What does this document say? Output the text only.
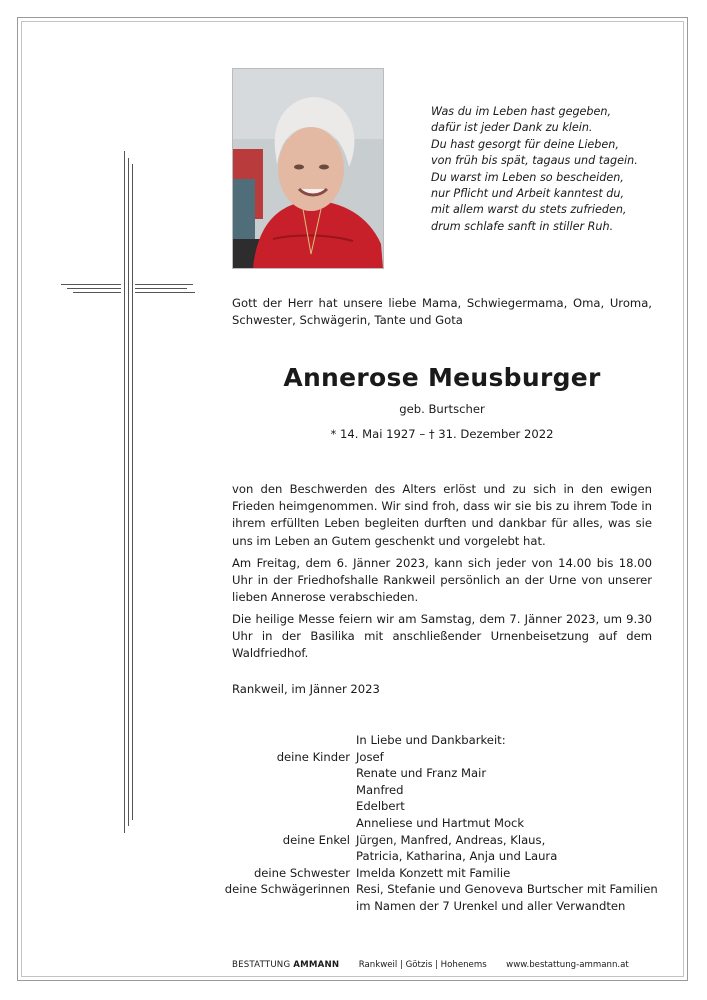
Was du im Leben hast gegeben,
dafür ist jeder Dank zu klein.
Du hast gesorgt für deine Lieben,
von früh bis spät, tagaus und tagein.
Du warst im Leben so bescheiden,
nur Pflicht und Arbeit kanntest du,
mit allem warst du stets zufrieden,
drum schlafe sanft in stiller Ruh.

Gott der Herr hat unsere liebe Mama, Schwiegermama, Oma, Uroma, Schwester, Schwägerin, Tante und Gota

Annerose Meusburger
geb. Burtscher
* 14. Mai 1927 – † 31. Dezember 2022

von den Beschwerden des Alters erlöst und zu sich in den ewigen Frieden heimgenommen. Wir sind froh, dass wir sie bis zu ihrem Tode in ihrem erfüllten Leben begleiten durften und dankbar für alles, was sie uns im Leben an Gutem geschenkt und vorgelebt hat.

Am Freitag, dem 6. Jänner 2023, kann sich jeder von 14.00 bis 18.00 Uhr in der Friedhofshalle Rankweil persönlich an der Urne von unserer lieben Annerose verabschieden.

Die heilige Messe feiern wir am Samstag, dem 7. Jänner 2023, um 9.30 Uhr in der Basilika mit anschließender Urnenbeisetzung auf dem Waldfriedhof.

Rankweil, im Jänner 2023
In Liebe und Dankbarkeit:
deine Kinder Josef
Renate und Franz Mair
Manfred
Edelbert
Anneliese und Hartmut Mock
deine Enkel Jürgen, Manfred, Andreas, Klaus,
Patricia, Katharina, Anja und Laura
deine Schwester Imelda Konzett mit Familie
deine Schwägerinnen Resi, Stefanie und Genoveva Burtscher mit Familien
im Namen der 7 Urenkel und aller Verwandten
BESTATTUNG AMMANN Rankweil | Götzis | Hohenems www.bestattung-ammann.at
